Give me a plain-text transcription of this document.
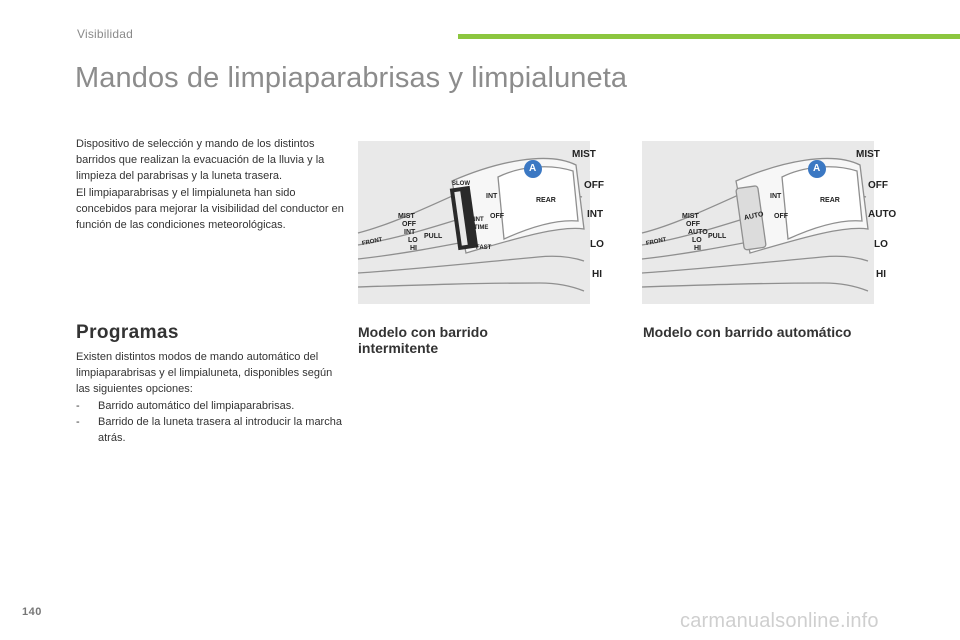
Visibilidad
Mandos de limpiaparabrisas y limpialuneta

Dispositivo de selección y mando de los distintos barridos que realizan la evacuación de la lluvia y la limpieza del parabrisas y la luneta trasera.

El limpiaparabrisas y el limpialuneta han sido concebidos para mejorar la visibilidad del conductor en función de las condiciones meteorológicas.

Programas

Existen distintos modos de mando automático del limpiaparabrisas y el limpialuneta, disponibles según las siguientes opciones:

- Barrido automático del limpiaparabrisas.
- Barrido de la luneta trasera al introducir la marcha atrás.
A
MIST
OFF
INT
LO
HI
FRONT
MIST
OFF
INT
LO
HI
PULL
SLOW
INT
TIME
FAST
INT
OFF
REAR
A
MIST
OFF
AUTO
LO
HI
FRONT
MIST
OFF
AUTO
LO
HI
PULL
AUTO
INT
OFF
REAR
Modelo con barrido intermitente
Modelo con barrido automático
140	carmanualsonline.info
